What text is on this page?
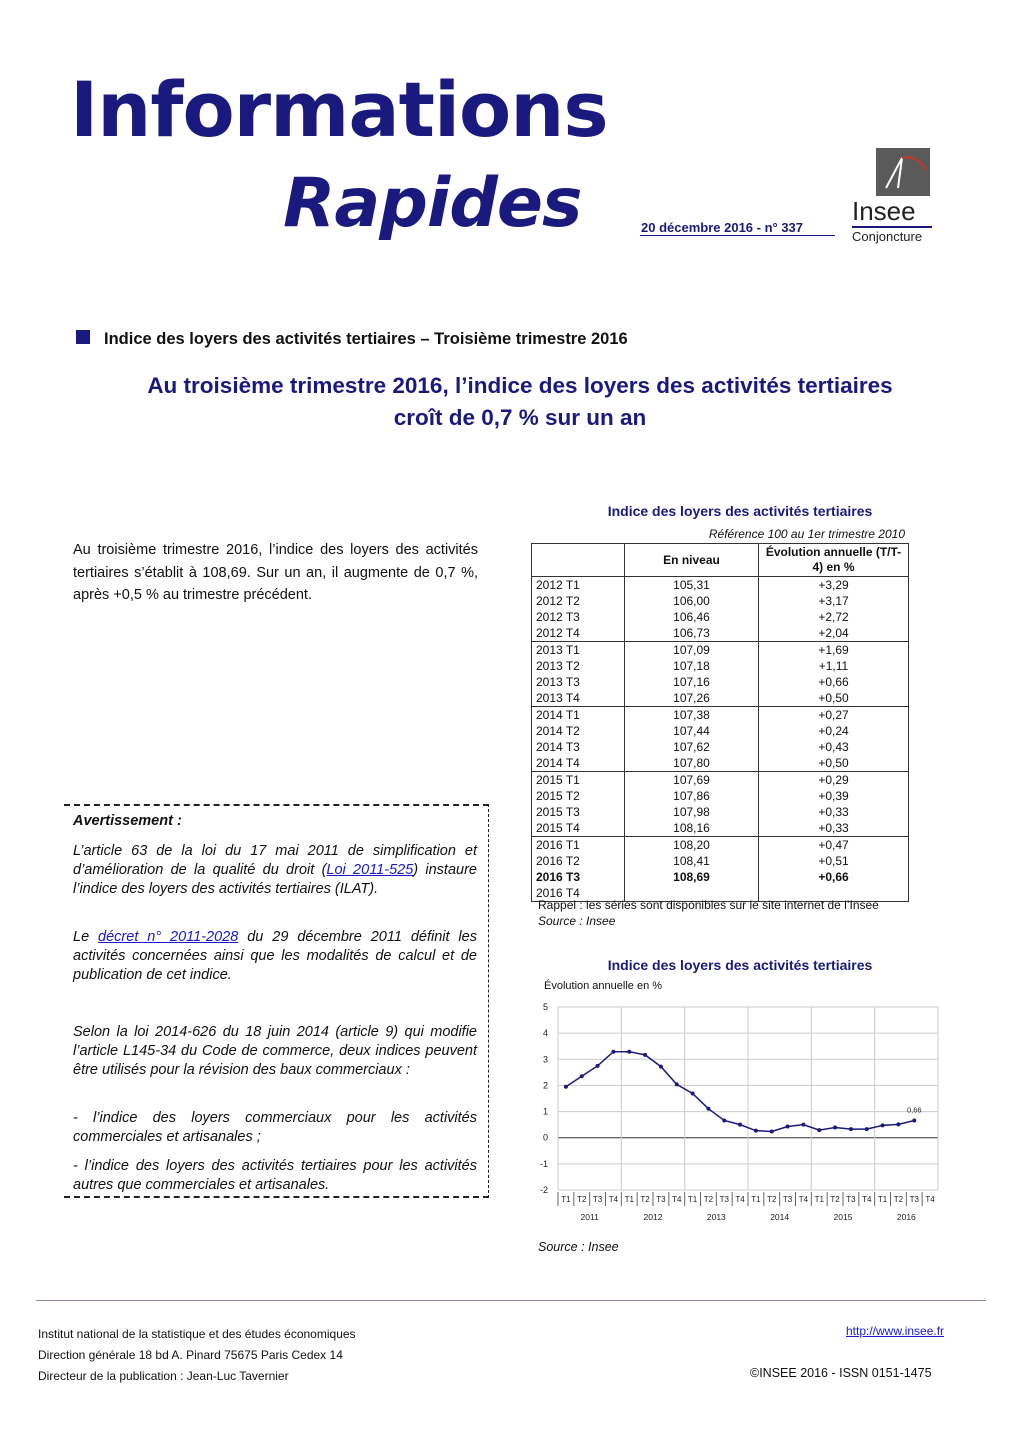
Informations
Rapides	20 décembre 2016 - n° 337
Insee
Conjoncture
Indice des loyers des activités tertiaires – Troisième trimestre 2016
Au troisième trimestre 2016, l’indice des loyers des activités tertiaires
croît de 0,7 % sur un an
Au troisième trimestre 2016, l’indice des loyers des activités tertiaires s’établit à 108,69. Sur un an, il augmente de 0,7 %, après +0,5 % au trimestre précédent.
Avertissement :

L’article 63 de la loi du 17 mai 2011 de simplification et d’amélioration de la qualité du droit (Loi 2011-525) instaure l’indice des loyers des activités tertiaires (ILAT).

Le décret n° 2011-2028 du 29 décembre 2011 définit les activités concernées ainsi que les modalités de calcul et de publication de cet indice.

Selon la loi 2014-626 du 18 juin 2014 (article 9) qui modifie l’article L145-34 du Code de commerce, deux indices peuvent être utilisés pour la révision des baux commerciaux :

- l’indice des loyers commerciaux pour les activités commerciales et artisanales ;

- l’indice des loyers des activités tertiaires pour les activités autres que commerciales et artisanales.

Indice des loyers des activités tertiaires
Référence 100 au 1er trimestre 2010
	En niveau	Évolution annuelle (T/T-4) en %
2012 T1	105,31	+3,29
2012 T2	106,00	+3,17
2012 T3	106,46	+2,72
2012 T4	106,73	+2,04
2013 T1	107,09	+1,69
2013 T2	107,18	+1,11
2013 T3	107,16	+0,66
2013 T4	107,26	+0,50
2014 T1	107,38	+0,27
2014 T2	107,44	+0,24
2014 T3	107,62	+0,43
2014 T4	107,80	+0,50
2015 T1	107,69	+0,29
2015 T2	107,86	+0,39
2015 T3	107,98	+0,33
2015 T4	108,16	+0,33
2016 T1	108,20	+0,47
2016 T2	108,41	+0,51
2016 T3	108,69	+0,66
2016 T4		
Rappel : les séries sont disponibles sur le site internet de l’Insee
Source : Insee
Indice des loyers des activités tertiaires
Évolution annuelle en %
-2
-1
0
1
2
3
4
5
T1 T2 T3 T4 T1 T2 T3 T4 T1 T2 T3 T4 T1 T2 T3 T4 T1 T2 T3 T4 T1 T2 T3 T4
2011	2012	2013	2014	2015	2016
0,66
Source : Insee
Institut national de la statistique et des études économiques
Direction générale 18 bd A. Pinard 75675 Paris Cedex 14
Directeur de la publication : Jean-Luc Tavernier
http://www.insee.fr
©INSEE 2016 - ISSN 0151-1475
